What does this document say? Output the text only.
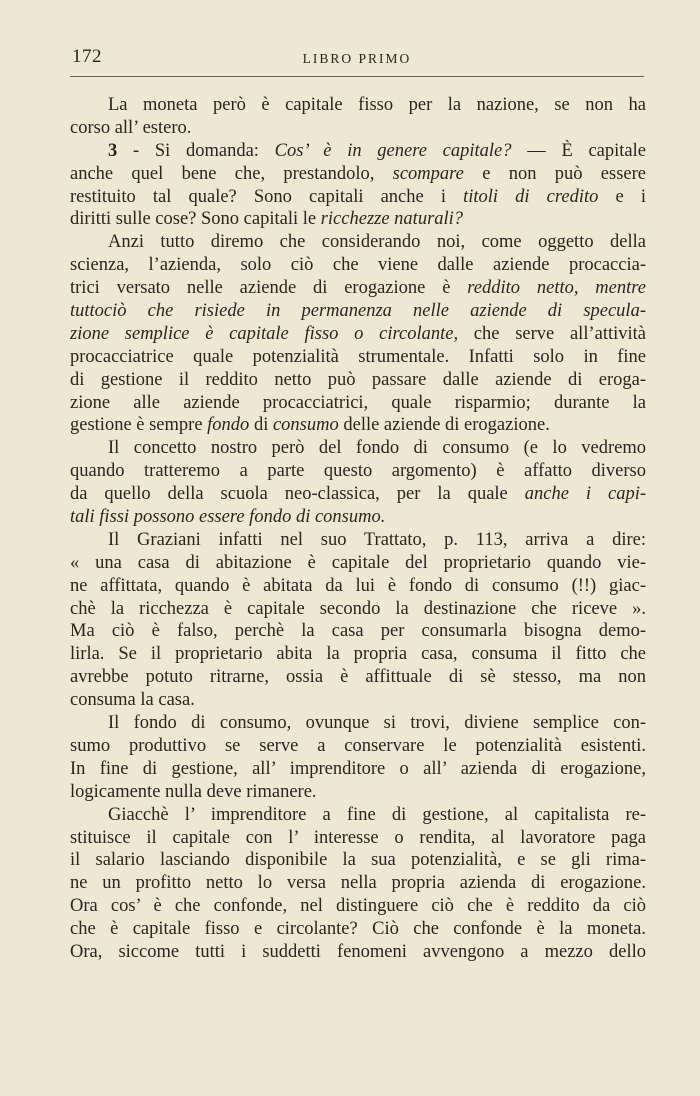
172	LIBRO PRIMO
La moneta però è capitale fisso per la nazione, se non ha
corso all’ estero.
3 - Si domanda: Cos’ è in genere capitale? — È capitale
anche quel bene che, prestandolo, scompare e non può essere
restituito tal quale? Sono capitali anche i titoli di credito e i
diritti sulle cose? Sono capitali le ricchezze naturali?
Anzi tutto diremo che considerando noi, come oggetto della
scienza, l’azienda, solo ciò che viene dalle aziende procaccia-
trici versato nelle aziende di erogazione è reddito netto, mentre
tuttociò che risiede in permanenza nelle aziende di specula-
zione semplice è capitale fisso o circolante, che serve all’attività
procacciatrice quale potenzialità strumentale. Infatti solo in fine
di gestione il reddito netto può passare dalle aziende di eroga-
zione alle aziende procacciatrici, quale risparmio; durante la
gestione è sempre fondo di consumo delle aziende di erogazione.
Il concetto nostro però del fondo di consumo (e lo vedremo
quando tratteremo a parte questo argomento) è affatto diverso
da quello della scuola neo-classica, per la quale anche i capi-
tali fissi possono essere fondo di consumo.
Il Graziani infatti nel suo Trattato, p. 113, arriva a dire:
« una casa di abitazione è capitale del proprietario quando vie-
ne affittata, quando è abitata da lui è fondo di consumo (!!) giac-
chè la ricchezza è capitale secondo la destinazione che riceve ».
Ma ciò è falso, perchè la casa per consumarla bisogna demo-
lirla. Se il proprietario abita la propria casa, consuma il fitto che
avrebbe potuto ritrarne, ossia è affittuale di sè stesso, ma non
consuma la casa.
Il fondo di consumo, ovunque si trovi, diviene semplice con-
sumo produttivo se serve a conservare le potenzialità esistenti.
In fine di gestione, all’ imprenditore o all’ azienda di erogazione,
logicamente nulla deve rimanere.
Giacchè l’ imprenditore a fine di gestione, al capitalista re-
stituisce il capitale con l’ interesse o rendita, al lavoratore paga
il salario lasciando disponibile la sua potenzialità, e se gli rima-
ne un profitto netto lo versa nella propria azienda di erogazione.
Ora cos’ è che confonde, nel distinguere ciò che è reddito da ciò
che è capitale fisso e circolante? Ciò che confonde è la moneta.
Ora, siccome tutti i suddetti fenomeni avvengono a mezzo dello
